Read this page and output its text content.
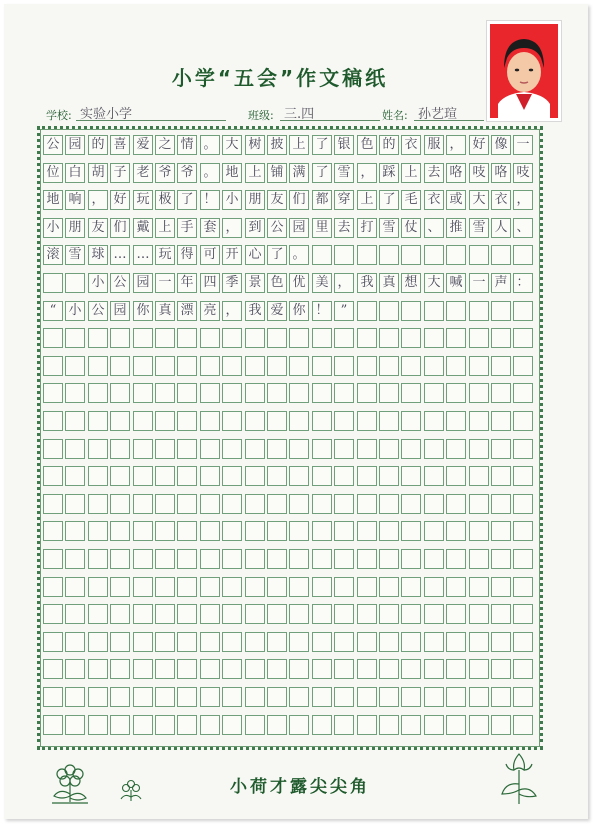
小学“五会”作文稿纸
学校: 实验小学	班级: 三.四	姓名: 孙艺瑄
公 园 的 喜 爱 之 情 。 大 树 披 上 了 银 色 的 衣 服 ， 好 像 一
位 白 胡 子 老 爷 爷 。 地 上 铺 满 了 雪 ， 踩 上 去 咯 吱 咯 吱
地 响 ， 好 玩 极 了 ！ 小 朋 友 们 都 穿 上 了 毛 衣 或 大 衣 ，
小 朋 友 们 戴 上 手 套 ， 到 公 园 里 去 打 雪 仗 、 推 雪 人 、
滚 雪 球 … … 玩 得 可 开 心 了 。
小 公 园 一 年 四 季 景 色 优 美 ， 我 真 想 大 喊 一 声 ：
“ 小 公 园 你 真 漂 亮 ， 我 爱 你 ！ ”
小荷才露尖尖角
